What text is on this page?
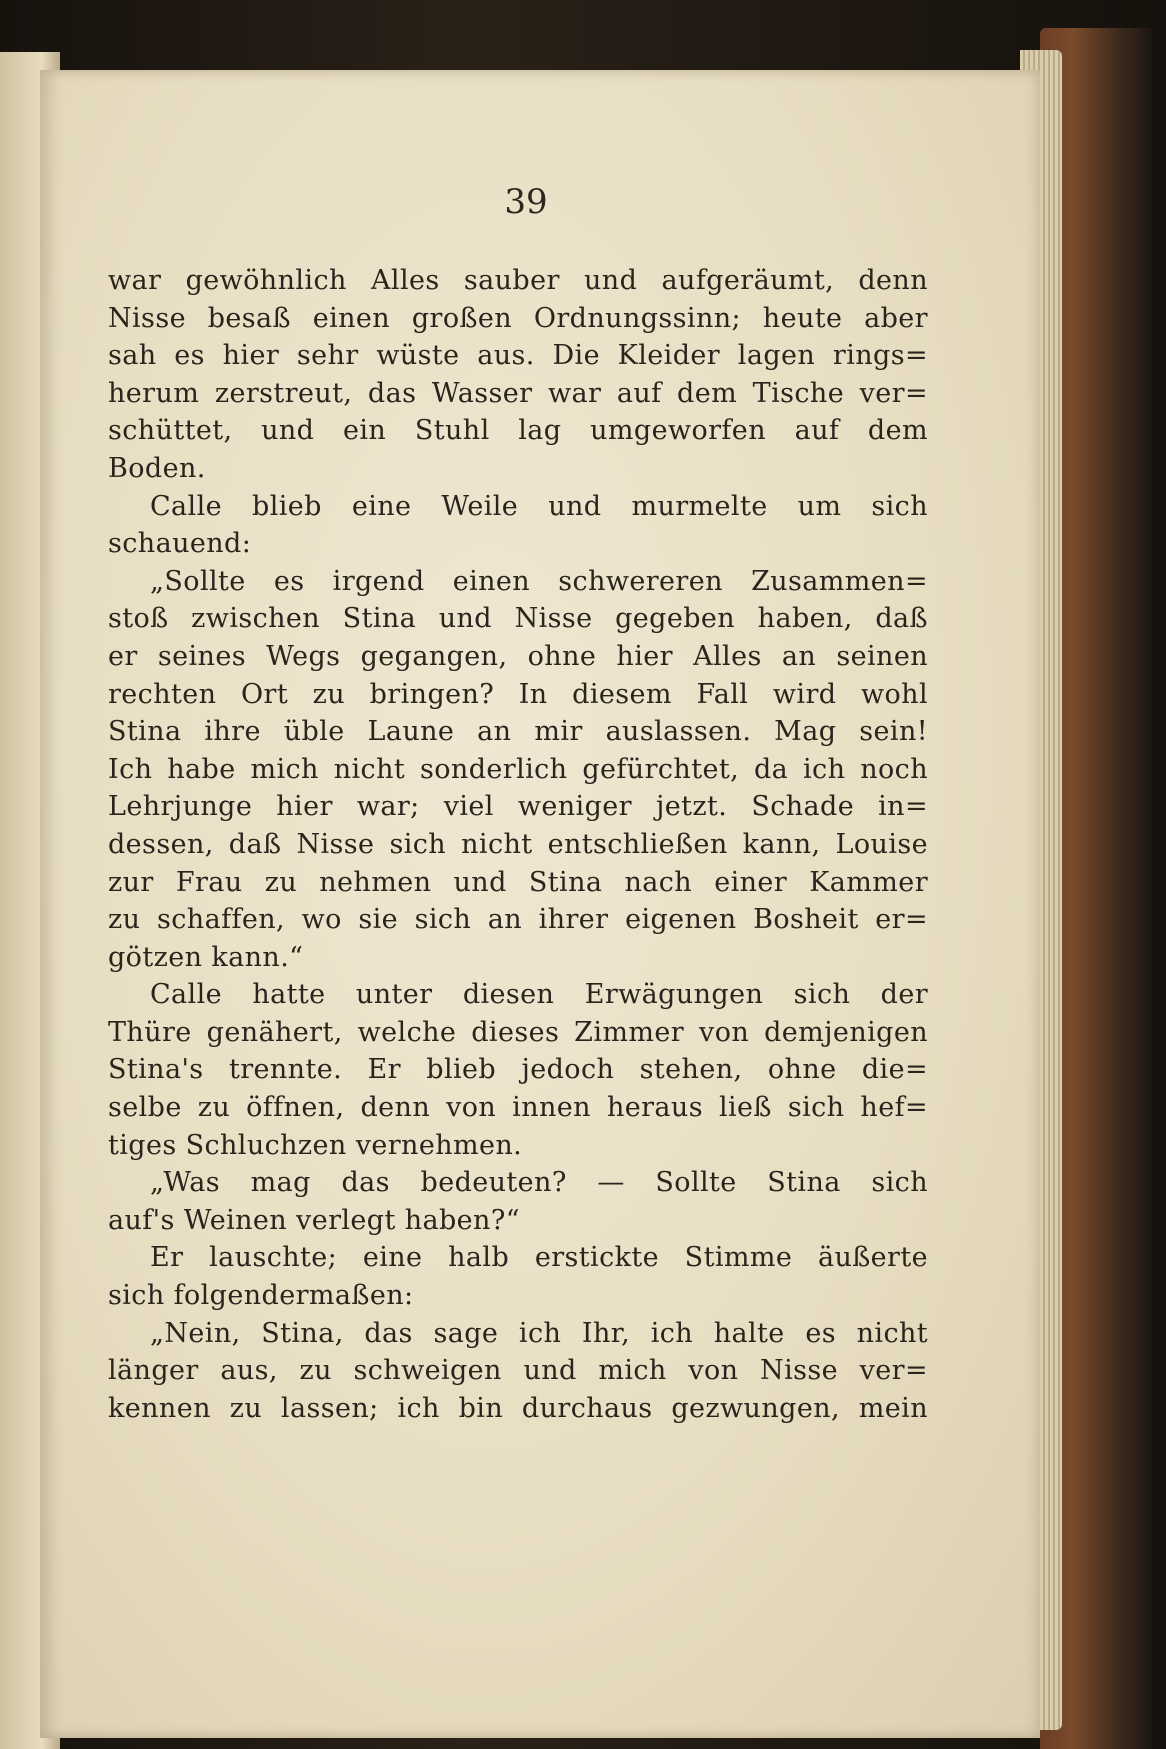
39
war gewöhnlich Alles sauber und aufgeräumt, denn
Nisse besaß einen großen Ordnungssinn; heute aber
sah es hier sehr wüste aus. Die Kleider lagen rings=
herum zerstreut, das Wasser war auf dem Tische ver=
schüttet, und ein Stuhl lag umgeworfen auf dem
Boden.
Calle blieb eine Weile und murmelte um sich
schauend:
„Sollte es irgend einen schwereren Zusammen=
stoß zwischen Stina und Nisse gegeben haben, daß
er seines Wegs gegangen, ohne hier Alles an seinen
rechten Ort zu bringen? In diesem Fall wird wohl
Stina ihre üble Laune an mir auslassen. Mag sein!
Ich habe mich nicht sonderlich gefürchtet, da ich noch
Lehrjunge hier war; viel weniger jetzt. Schade in=
dessen, daß Nisse sich nicht entschließen kann, Louise
zur Frau zu nehmen und Stina nach einer Kammer
zu schaffen, wo sie sich an ihrer eigenen Bosheit er=
götzen kann.“
Calle hatte unter diesen Erwägungen sich der
Thüre genähert, welche dieses Zimmer von demjenigen
Stina's trennte. Er blieb jedoch stehen, ohne die=
selbe zu öffnen, denn von innen heraus ließ sich hef=
tiges Schluchzen vernehmen.
„Was mag das bedeuten? — Sollte Stina sich
auf's Weinen verlegt haben?“
Er lauschte; eine halb erstickte Stimme äußerte
sich folgendermaßen:
„Nein, Stina, das sage ich Ihr, ich halte es nicht
länger aus, zu schweigen und mich von Nisse ver=
kennen zu lassen; ich bin durchaus gezwungen, mein
